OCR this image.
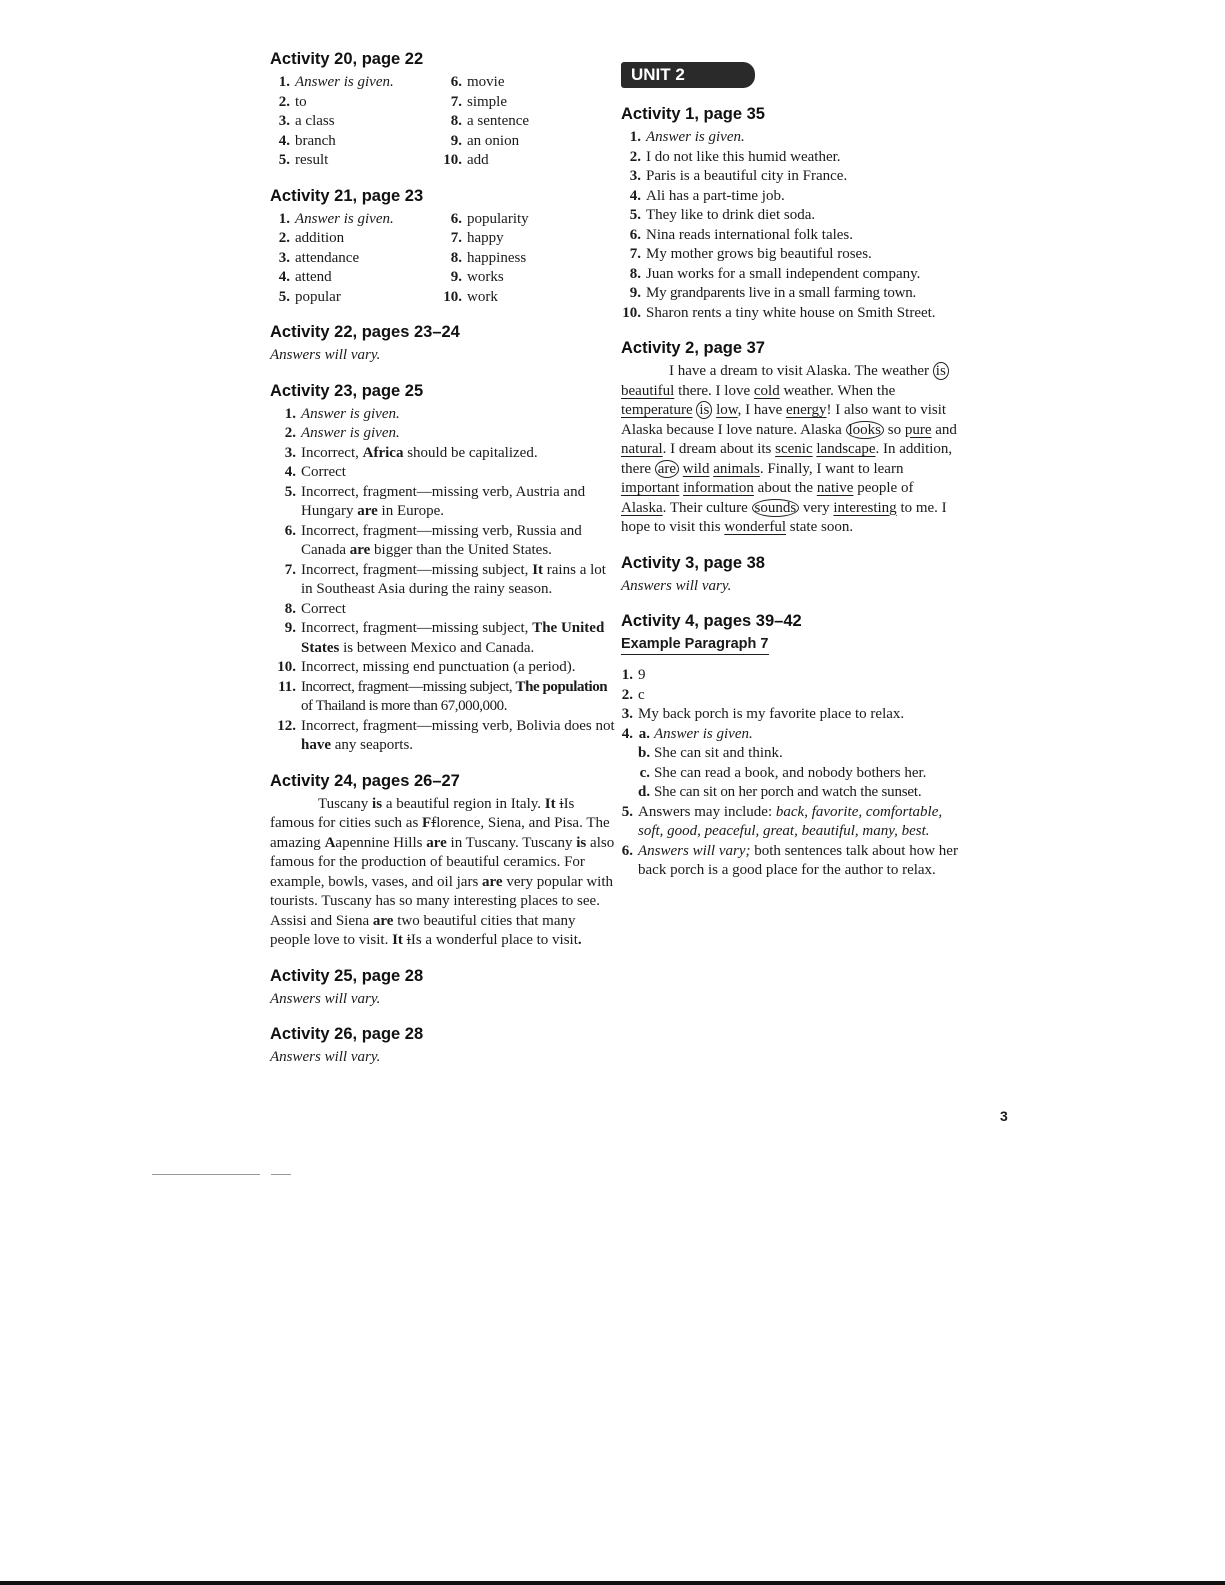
Activity 20, page 22
1. Answer is given.
2. to
3. a class
4. branch
5. result
6. movie
7. simple
8. a sentence
9. an onion
10. add
Activity 21, page 23
1. Answer is given.
2. addition
3. attendance
4. attend
5. popular
6. popularity
7. happy
8. happiness
9. works
10. work
Activity 22, pages 23–24
Answers will vary.
Activity 23, page 25
1. Answer is given.
2. Answer is given.
3. Incorrect, Africa should be capitalized.
4. Correct
5. Incorrect, fragment—missing verb, Austria and Hungary are in Europe.
6. Incorrect, fragment—missing verb, Russia and Canada are bigger than the United States.
7. Incorrect, fragment—missing subject, It rains a lot in Southeast Asia during the rainy season.
8. Correct
9. Incorrect, fragment—missing subject, The United States is between Mexico and Canada.
10. Incorrect, missing end punctuation (a period).
11. Incorrect, fragment—missing subject, The population of Thailand is more than 67,000,000.
12. Incorrect, fragment—missing verb, Bolivia does not have any seaports.
Activity 24, pages 26–27

Tuscany is a beautiful region in Italy. It iIs famous for cities such as Fflorence, Siena, and Pisa. The amazing Aapennine Hills are in Tuscany. Tuscany is also famous for the production of beautiful ceramics. For example, bowls, vases, and oil jars are very popular with tourists. Tuscany has so many interesting places to see. Assisi and Siena are two beautiful cities that many people love to visit. It iIs a wonderful place to visit.

Activity 25, page 28
Answers will vary.
Activity 26, page 28
Answers will vary.
UNIT 2
Activity 1, page 35
1. Answer is given.
2. I do not like this humid weather.
3. Paris is a beautiful city in France.
4. Ali has a part-time job.
5. They like to drink diet soda.
6. Nina reads international folk tales.
7. My mother grows big beautiful roses.
8. Juan works for a small independent company.
9. My grandparents live in a small farming town.
10. Sharon rents a tiny white house on Smith Street.
Activity 2, page 37

I have a dream to visit Alaska. The weather is beautiful there. I love cold weather. When the temperature is low, I have energy! I also want to visit Alaska because I love nature. Alaska looks so pure and natural. I dream about its scenic landscape. In addition, there are wild animals. Finally, I want to learn important information about the native people of Alaska. Their culture sounds very interesting to me. I hope to visit this wonderful state soon.

Activity 3, page 38
Answers will vary.
Activity 4, pages 39–42
Example Paragraph 7
1. 9
2. c
3. My back porch is my favorite place to relax.
4. a. Answer is given.
b. She can sit and think.
c. She can read a book, and nobody bothers her.
d. She can sit on her porch and watch the sunset.
5. Answers may include: back, favorite, comfortable, soft, good, peaceful, great, beautiful, many, best.
6. Answers will vary; both sentences talk about how her back porch is a good place for the author to relax.
3
